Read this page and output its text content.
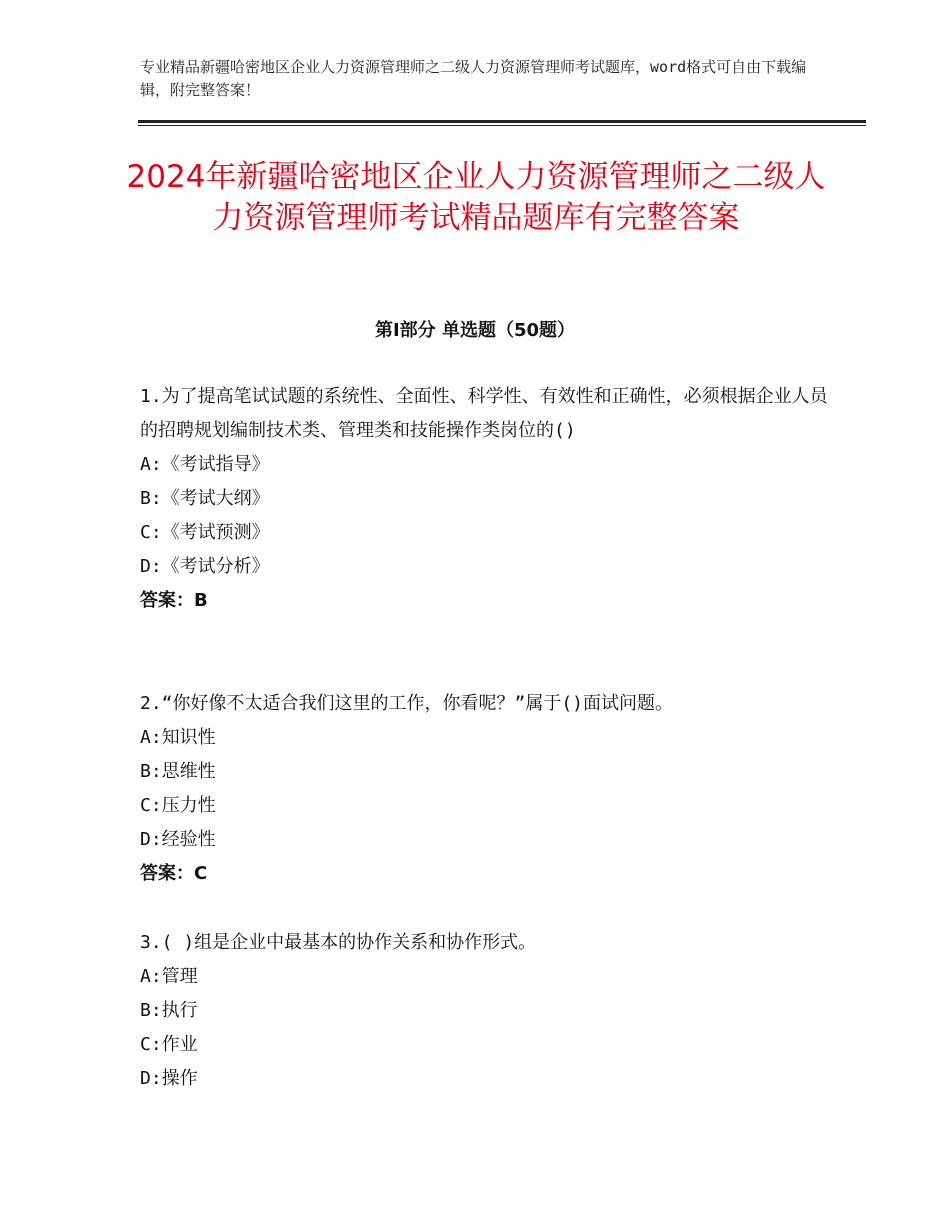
专业精品新疆哈密地区企业人力资源管理师之二级人力资源管理师考试题库，word格式可自由下载编辑，附完整答案！
2024年新疆哈密地区企业人力资源管理师之二级人力资源管理师考试精品题库有完整答案
第Ⅰ部分 单选题（50题）

1.为了提高笔试试题的系统性、全面性、科学性、有效性和正确性，必须根据企业人员的招聘规划编制技术类、管理类和技能操作类岗位的()

A:《考试指导》

B:《考试大纲》

C:《考试预测》

D:《考试分析》

答案：B

2.“你好像不太适合我们这里的工作，你看呢？”属于()面试问题。

A:知识性

B:思维性

C:压力性

D:经验性

答案：C

3.( )组是企业中最基本的协作关系和协作形式。

A:管理

B:执行

C:作业

D:操作
